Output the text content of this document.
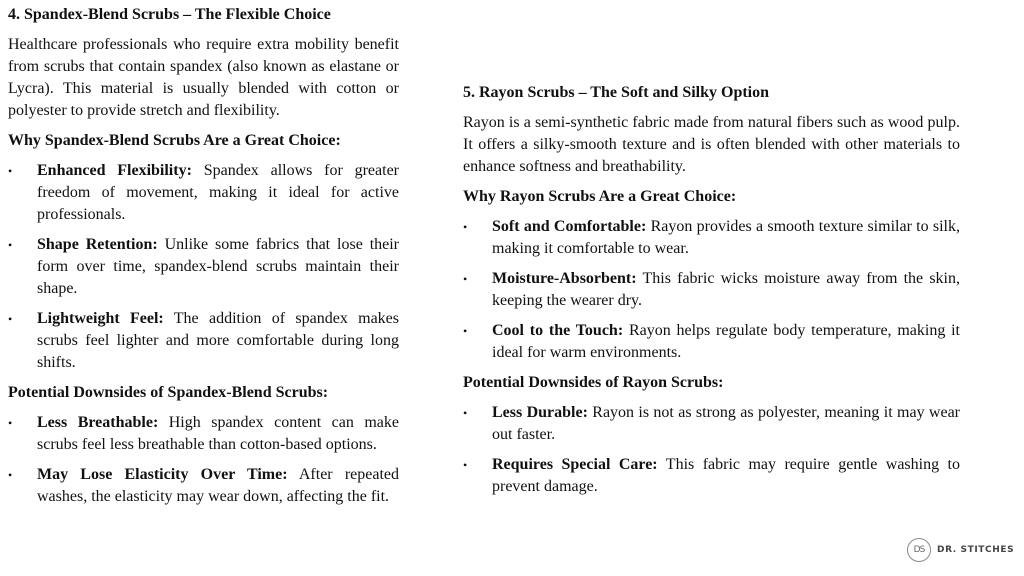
4. Spandex-Blend Scrubs – The Flexible Choice

Healthcare professionals who require extra mobility benefit from scrubs that contain spandex (also known as elastane or Lycra). This material is usually blended with cotton or polyester to provide stretch and flexibility.

Why Spandex-Blend Scrubs Are a Great Choice:
• Enhanced Flexibility: Spandex allows for greater freedom of movement, making it ideal for active professionals.
• Shape Retention: Unlike some fabrics that lose their form over time, spandex-blend scrubs maintain their shape.
• Lightweight Feel: The addition of spandex makes scrubs feel lighter and more comfortable during long shifts.
Potential Downsides of Spandex-Blend Scrubs:
• Less Breathable: High spandex content can make scrubs feel less breathable than cotton-based options.
• May Lose Elasticity Over Time: After repeated washes, the elasticity may wear down, affecting the fit.
5. Rayon Scrubs – The Soft and Silky Option

Rayon is a semi-synthetic fabric made from natural fibers such as wood pulp. It offers a silky-smooth texture and is often blended with other materials to enhance softness and breathability.

Why Rayon Scrubs Are a Great Choice:
• Soft and Comfortable: Rayon provides a smooth texture similar to silk, making it comfortable to wear.
• Moisture-Absorbent: This fabric wicks moisture away from the skin, keeping the wearer dry.
• Cool to the Touch: Rayon helps regulate body temperature, making it ideal for warm environments.
Potential Downsides of Rayon Scrubs:
• Less Durable: Rayon is not as strong as polyester, meaning it may wear out faster.
• Requires Special Care: This fabric may require gentle washing to prevent damage.
DS	DR. STITCHES
